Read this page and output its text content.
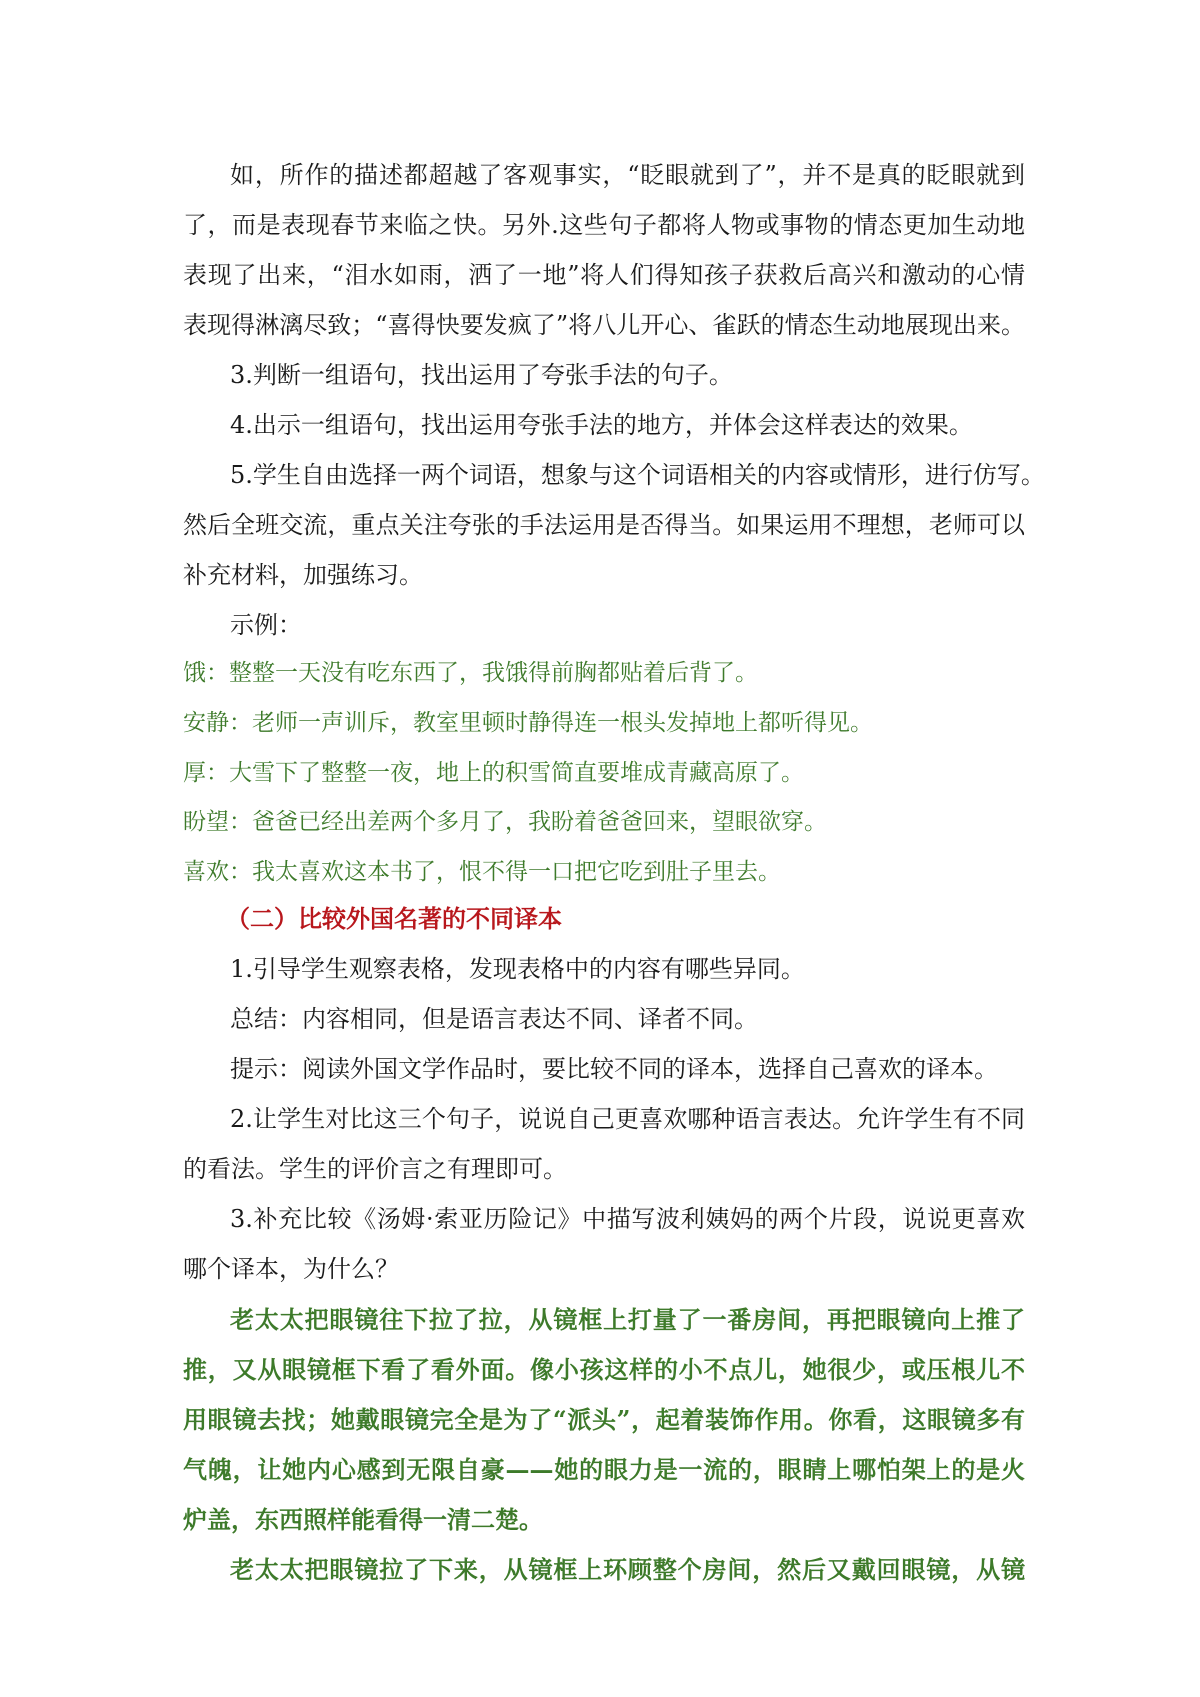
如，所作的描述都超越了客观事实，“眨眼就到了”，并不是真的眨眼就到

了，而是表现春节来临之快。另外.这些句子都将人物或事物的情态更加生动地

表现了出来，“泪水如雨，洒了一地”将人们得知孩子获救后高兴和激动的心情

表现得淋漓尽致；“喜得快要发疯了”将八儿开心、雀跃的情态生动地展现出来。

3.判断一组语句，找出运用了夸张手法的句子。

4.出示一组语句，找出运用夸张手法的地方，并体会这样表达的效果。

5.学生自由选择一两个词语，想象与这个词语相关的内容或情形，进行仿写。

然后全班交流，重点关注夸张的手法运用是否得当。如果运用不理想，老师可以

补充材料，加强练习。

示例：

饿：整整一天没有吃东西了，我饿得前胸都贴着后背了。

安静：老师一声训斥，教室里顿时静得连一根头发掉地上都听得见。

厚：大雪下了整整一夜，地上的积雪简直要堆成青藏高原了。

盼望：爸爸已经出差两个多月了，我盼着爸爸回来，望眼欲穿。

喜欢：我太喜欢这本书了，恨不得一口把它吃到肚子里去。

（二）比较外国名著的不同译本

1.引导学生观察表格，发现表格中的内容有哪些异同。

总结：内容相同，但是语言表达不同、译者不同。

提示：阅读外国文学作品时，要比较不同的译本，选择自己喜欢的译本。

2.让学生对比这三个句子，说说自己更喜欢哪种语言表达。允许学生有不同

的看法。学生的评价言之有理即可。

3.补充比较《汤姆·索亚历险记》中描写波利姨妈的两个片段，说说更喜欢

哪个译本，为什么？

老太太把眼镜往下拉了拉，从镜框上打量了一番房间，再把眼镜向上推了

推，又从眼镜框下看了看外面。像小孩这样的小不点儿，她很少，或压根儿不

用眼镜去找；她戴眼镜完全是为了“派头”，起着装饰作用。你看，这眼镜多有

气魄，让她内心感到无限自豪——她的眼力是一流的，眼睛上哪怕架上的是火

炉盖，东西照样能看得一清二楚。

老太太把眼镜拉了下来，从镜框上环顾整个房间，然后又戴回眼镜，从镜
